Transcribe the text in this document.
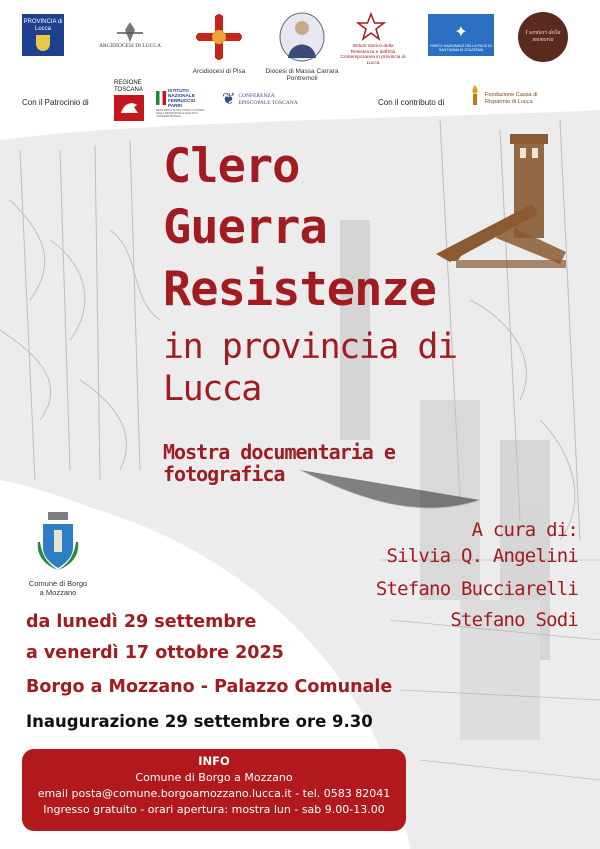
PROVINCIA di Lucca
ARCIDIOCESI DI LUCCA
Arcidiocesi di Pisa	Diocesi di Massa Carrara Pontremoli
Istituto storico della Resistenza e dell'Età Contemporanea in provincia di Lucca
✦
PARCO NAZIONALE DELLA PACE DI SANT'ANNA DI STAZZEMA
I sentieri della memoria
Con il Patrocinio di
REGIONE TOSCANA	ISTITUTO NAZIONALE FERRUCCIO PARRI
RETE DEGLI ISTITUTI PER LA STORIA DELLA RESISTENZA E DELL'ETÀ CONTEMPORANEA
❦ CONFERENZA EPISCOPALE TOSCANA	Con il contributo di
Fondazione Cassa di Risparmio di Lucca
Clero
Guerra
Resistenze
in provincia di
Lucca
Mostra documentaria e
fotografica
Comune di Borgo a Mozzano
A cura di:
Silvia Q. Angelini
Stefano Bucciarelli
Stefano Sodi
da lunedì 29 settembre
a venerdì 17 ottobre 2025
Borgo a Mozzano - Palazzo Comunale
Inaugurazione 29 settembre ore 9.30
INFO
Comune di Borgo a Mozzano
email posta@comune.borgoamozzano.lucca.it - tel. 0583 82041
Ingresso gratuito - orari apertura: mostra lun - sab 9.00-13.00
